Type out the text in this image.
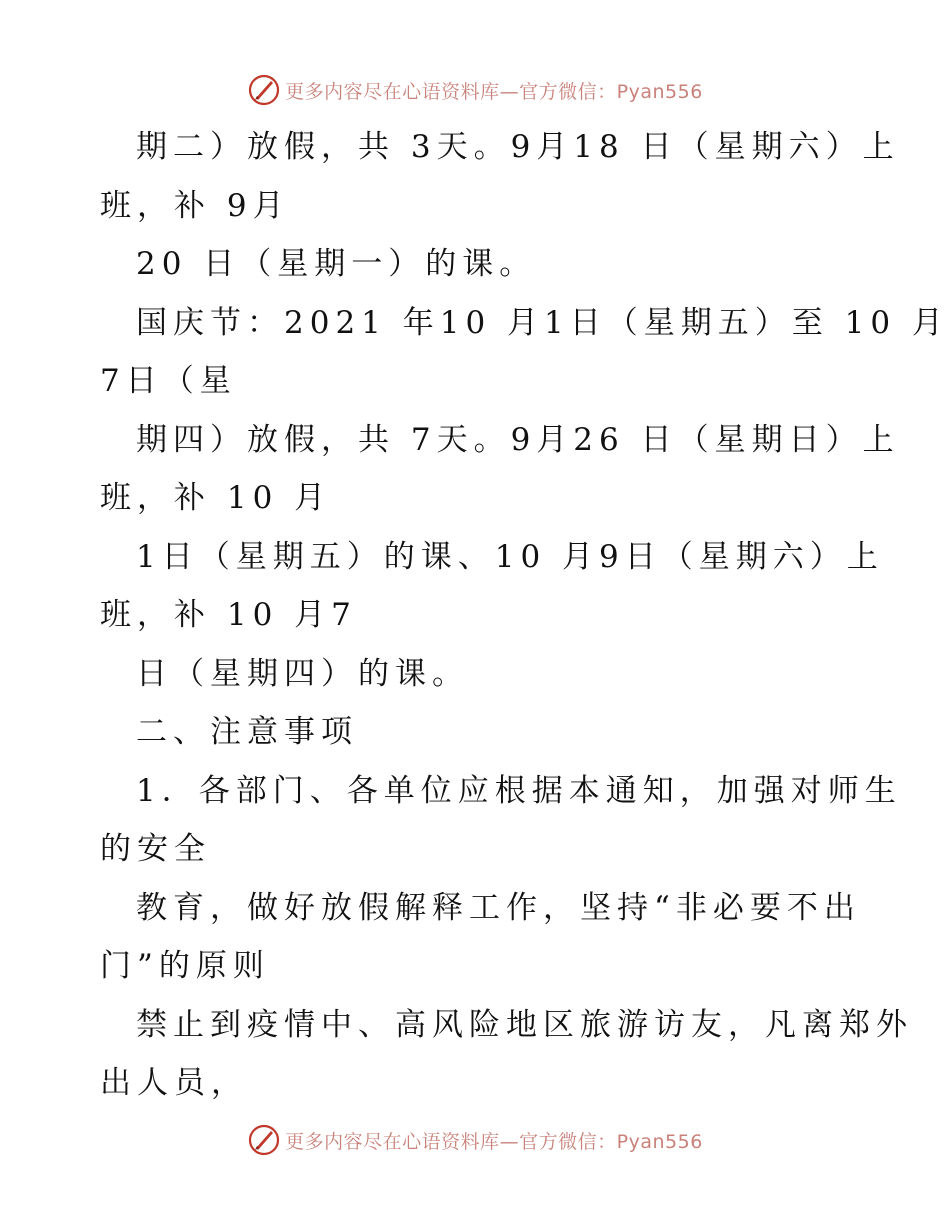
更多内容尽在心语资料库—官方微信：Pyan556
期二）放假，共 3天。9月18 日（星期六）上
班，补 9月
20 日（星期一）的课。
国庆节：2021 年10 月1日（星期五）至 10 月
7日（星
期四）放假，共 7天。9月26 日（星期日）上
班，补 10 月
1日（星期五）的课、10 月9日（星期六）上
班，补 10 月7
日（星期四）的课。
二、注意事项
1．各部门、各单位应根据本通知，加强对师生
的安全
教育，做好放假解释工作，坚持“非必要不出
门”的原则
禁止到疫情中、高风险地区旅游访友，凡离郑外
出人员，
更多内容尽在心语资料库—官方微信：Pyan556
